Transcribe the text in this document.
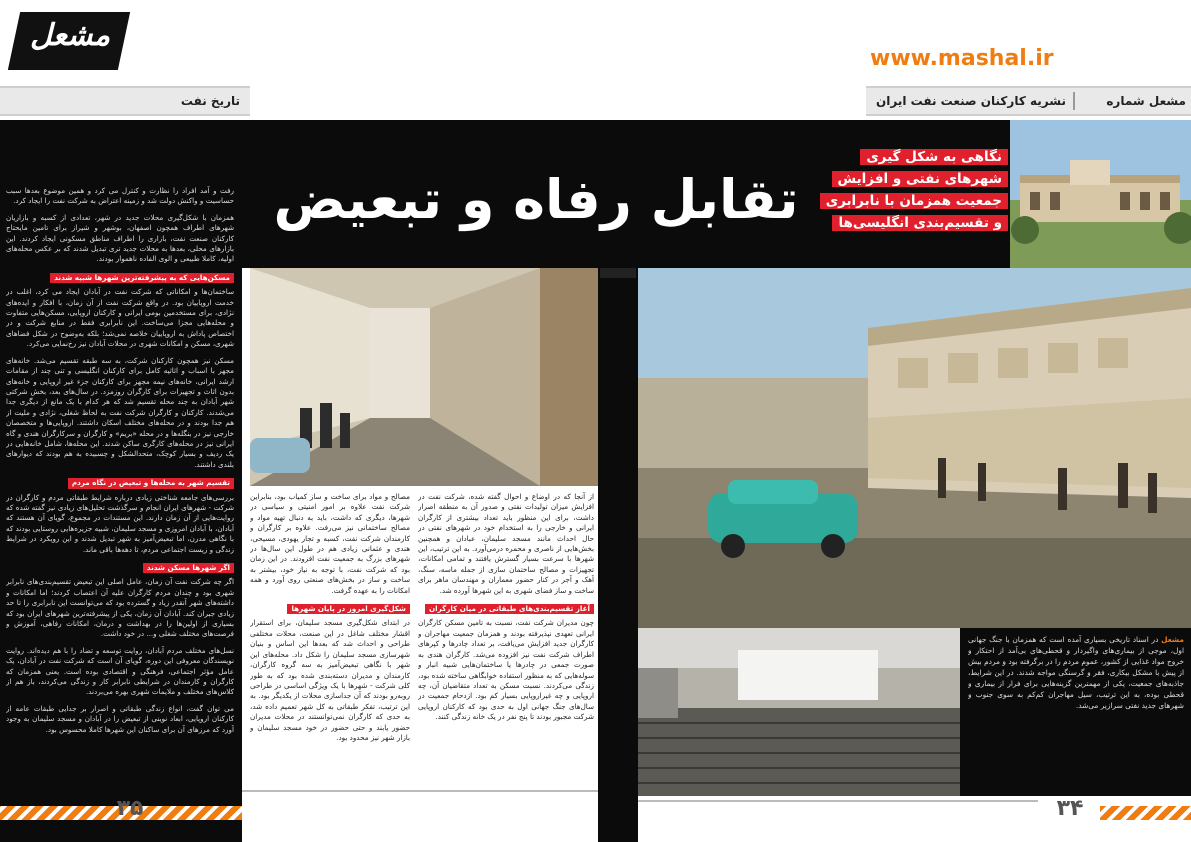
مشعل
www.mashal.ir
تاریخ نفت	نشریه کارکنان صنعت نفت ایران	مشعل شماره
تقابل رفاه و تبعیض
نگاهی به شکل گیری
شهرهای نفتی و افزایش
جمعیت همزمان با نابرابری
و تقسیم‌بندی انگلیسی‌ها

رفت و آمد افراد را نظارت و کنترل می کرد و همین موضوع بعدها سبب حساسیت و واکنش دولت شد و زمینه اعتراض به شرکت نفت را ایجاد کرد.

همزمان با شکل‌گیری محلات جدید در شهر، تعدادی از کسبه و بازاریان شهرهای اطراف همچون اصفهان، بوشهر و شیراز برای تامین مایحتاج کارکنان صنعت نفت، بازاری را اطراف مناطق مسکونی ایجاد کردند. این بازارهای محلی، بعدها به محلات جدید تری تبدیل شدند که بر عکس محله‌های اولیه، کاملا طبیعی و الوی الفاده ناهموار بودند.

مسکن‌هایی که به پیشرفته‌ترین شهرها شبیه شدند

ساختمان‌ها و امکاناتی که شرکت نفت در آبادان ایجاد می کرد، اغلب در خدمت اروپاییان بود. در واقع شرکت نفت از آن زمان، با افکار و ایده‌های نژادی، برای مستخدمین بومی ایرانی و کارکنان اروپایی، مسکن‌هایی متفاوت و محله‌هایی مجزا می‌ساخت. این نابرابری فقط در منابع شرکت و در اختصاص پاداش به اروپاییان خلاصه نمی‌شد؛ بلکه به‌وضوح در شکل فضاهای شهری، مسکن و امکانات شهری در محلات آبادان نیز رخ‌نمایی می‌کرد.

مسکن نیز همچون کارکنان شرکت، به سه طبقه تقسیم می‌شد. خانه‌های مجهز با اسباب و اثاثیه کامل برای کارکنان انگلیسی و تنی چند از مقامات ارشد ایرانی، خانه‌های نیمه مجهز برای کارکنان جزء غیر اروپایی و خانه‌های بدون اثاث و تجهیزات برای کارگران روزمزد. در سال‌های بعد، بخش شرکتی شهر آبادان به چند محله تقسیم شد که هر کدام با یک مانع از دیگری جدا می‌شدند. کارکنان و کارگران شرکت نفت به لحاظ شغلی، نژادی و ملیت از هم جدا بودند و در محله‌های مختلف اسکان داشتند. اروپایی‌ها و متخصصان خارجی نیز در بنگله‌ها و در محله «بریم» و کارگران و سرکارگران هندی و گاه ایرانی نیز در محله‌های کارگری ساکن شدند. این محله‌ها، شامل خانه‌هایی در یک ردیف و بسیار کوچک، متحدالشکل و چسبیده به هم بودند که دیوارهای بلندی داشتند.

تقسیم شهر به محله‌ها و تبعیض در نگاه مردم

بررسی‌های جامعه شناختی زیادی درباره شرایط طبقاتی مردم و کارگران در شرکت - شهرهای ایران انجام و سرگذشت تحلیل‌های زیادی نیز گفته شده که روایت‌هایی از آن زمان دارند. این مستندات در مجموع، گویای آن هستند که آبادان، با آبادان امروزی و مسجد سلیمان، شبیه جزیره‌هایی روستایی بودند که با نگاهی مدرن، اما تبعیض‌آمیز به شهر تبدیل شدند و این رویکرد در شرایط زندگی و زیست اجتماعی مردم، تا دهه‌ها باقی ماند.

اگر شهرها مسکن شدند

اگر چه شرکت نفت آن زمان، عامل اصلی این تبعیض تقسیم‌بندی‌های نابرابر شهری بود و چندان مردم کارگران علیه آن اعتصاب کردند؛ اما امکانات و داشته‌های شهر آنقدر زیاد و گسترده بود که می‌توانست این نابرابری را تا حد زیادی جبران کند. آبادان آن زمان، یکی از پیشرفته‌ترین شهرهای ایران بود که بسیاری از اولین‌ها را در بهداشت و درمان، امکانات رفاهی، آموزش و فرصت‌های مختلف شغلی و... در خود داشت.

نسل‌های مختلف مردم آبادان، روایت توسعه و تضاد را با هم دیده‌اند. روایت نویسندگان معروفی این دوره، گویای آن است که شرکت نفت در آبادان، یک عامل مؤثر اجتماعی، فرهنگی و اقتصادی بوده است. یعنی همزمان که کارگران و کارمندان در شرایطی نابرابر کار و زندگی می‌کردند، باز هم از کلاس‌های مختلف و ملایمات شهری بهره می‌بردند.

می توان گفت، انواع زندگی طبقاتی و اصرار بر جدایی طبقات عامه از کارکنان اروپایی، ابعاد نوینی از تبعیض را در آبادان و مسجد سلیمان به وجود آورد که مرزهای آن برای ساکنان این شهرها کاملا محسوس بود.

مصالح و مواد برای ساخت و ساز کمیاب بود، بنابراین شرکت نفت علاوه بر امور امنیتی و سیاسی در شهرها، دیگری که داشت، باید به دنبال تهیه مواد و مصالح ساختمانی نیز می‌رفت. علاوه بر کارگران و کارمندان شرکت نفت، کسبه و تجار یهودی، مسیحی، هندی و عثمانی زیادی هم در طول این سال‌ها در شهرهای بزرگ به جمعیت نفت افزودند. در این زمان بود که شرکت نفت، با توجه به نیاز خود، بیشتر به ساخت و ساز در بخش‌های صنعتی روی آورد و همه امکانات را به عهده گرفت.

شکل‌گیری امروز در پایان شهرها

در ابتدای شکل‌گیری مسجد سلیمان، برای استقرار اقشار مختلف شاغل در این صنعت، محلات مختلفی طراحی و احداث شد که بعدها این اساس و بنیان شهرسازی مسجد سلیمان را شکل داد. محله‌های این شهر با نگاهی تبعیض‌آمیز به سه گروه کارگران، کارمندان و مدیران دسته‌بندی شده بود که به طور کلی شرکت - شهرها با یک ویژگی اساسی در طراحی روبه‌رو بودند که آن جداسازی محلات از یکدیگر بود. به این ترتیب، تفکر طبقاتی به کل شهر تعمیم داده شد، به حدی که کارگران نمی‌توانستند در محلات مدیران حضور یابند و حتی حضور در خود مسجد سلیمان و بازار شهر نیز محدود بود.

از آنجا که در اوضاع و احوال گفته شده، شرکت نفت در افزایش میزان تولیدات نفتی و صدور آن به منطقه اصرار داشت، برای این منظور باید تعداد بیشتری از کارگران ایرانی و خارجی را به استخدام خود در شهرهای نفتی در حال احداث مانند مسجد سلیمان، عبادان و همچنین بخش‌هایی از ناصری و محمره درمی‌آورد. به این ترتیب، این شهرها با سرعت بسیار گسترش یافتند و تمامی امکانات، تجهیزات و مصالح ساختمان سازی از جمله ماسه، سنگ، آهک و آجر در کنار حضور معماران و مهندسان ماهر برای ساخت و ساز فضای شهری به این شهرها آورده شد.

آغاز تقسیم‌بندی‌های طبقاتی در میان کارگران

چون مدیران شرکت نفت، نسبت به تامین مسکن کارگران ایرانی تعهدی نپذیرفته بودند و همزمان جمعیت مهاجران و کارگران جدید افزایش می‌یافت، بر تعداد چادرها و کپرهای اطراف شرکت نفت نیز افزوده می‌شد. کارگران هندی به صورت جمعی در چادرها یا ساختمان‌هایی شبیه انبار و سوله‌هایی که به منظور استفاده خوابگاهی ساخته شده بود، زندگی می‌کردند. نسبت مسکن به تعداد متقاضیان آن، چه اروپایی و چه غیراروپایی بسیار کم بود. ازدحام جمعیت در سال‌های جنگ جهانی اول به حدی بود که کارکنان اروپایی شرکت مجبور بودند تا پنج نفر در یک خانه زندگی کنند.

مشعل در اسناد تاریخی بسیاری آمده است که همزمان با جنگ جهانی اول، موجی از بیماری‌های واگیردار و قحطی‌های بی‌آمد از احتکار و خروج مواد غذایی از کشور، عموم مردم را در برگرفته بود و مردم بیش از پیش با مشکل بیکاری، فقر و گرسنگی مواجه شدند. در این شرایط، جاذبه‌های جمعیت، یکی از مهمترین گزینه‌هایی برای فرار از بیماری و قحطی بوده، به این ترتیب، سیل مهاجران کم‌کم به سوی جنوب و شهرهای جدید نفتی سرازیر می‌شد.
۳۵	۳۴
